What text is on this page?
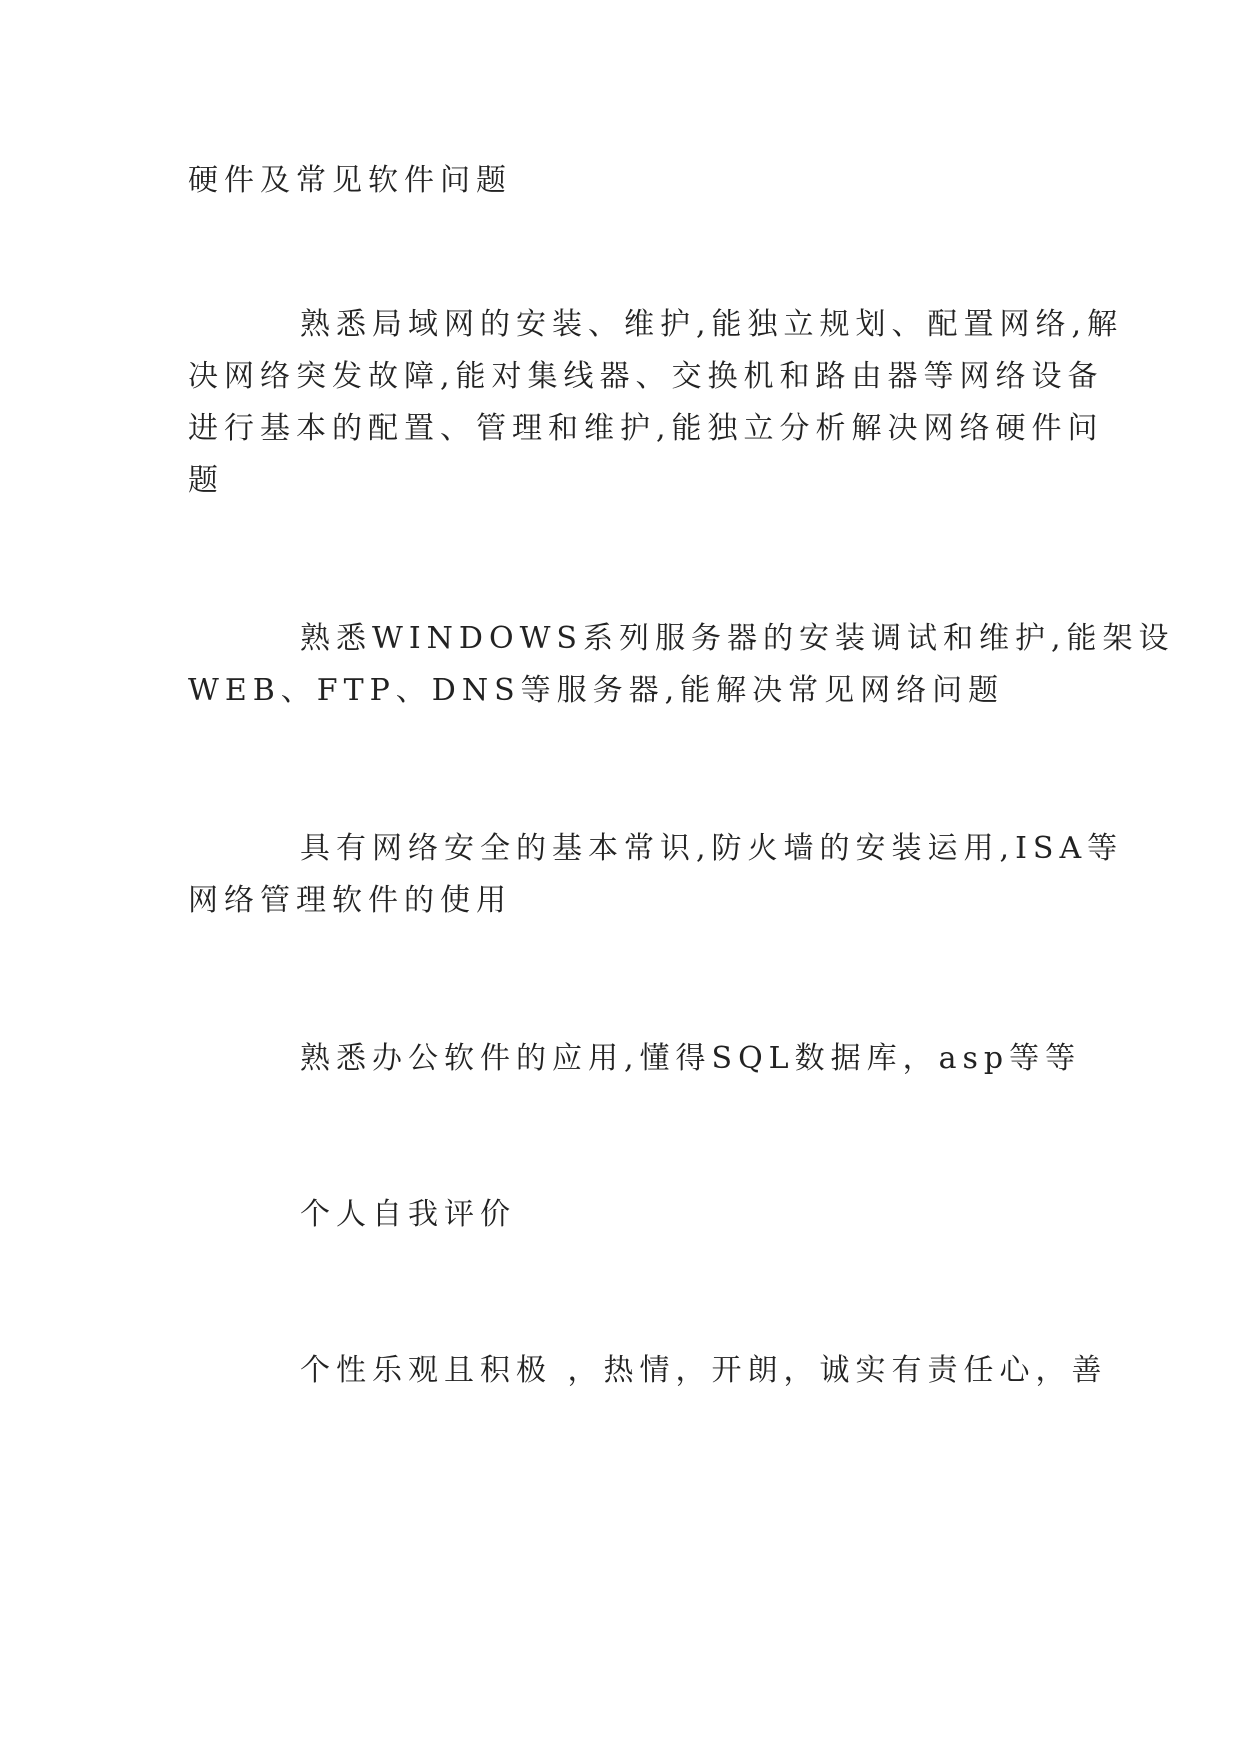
硬件及常见软件问题
熟悉局域网的安装、维护,能独立规划、配置网络,解
决网络突发故障,能对集线器、交换机和路由器等网络设备
进行基本的配置、管理和维护,能独立分析解决网络硬件问
题
熟悉WINDOWS系列服务器的安装调试和维护,能架设
WEB、FTP、DNS等服务器,能解决常见网络问题
具有网络安全的基本常识,防火墙的安装运用,ISA等
网络管理软件的使用
熟悉办公软件的应用,懂得SQL数据库，asp等等
个人自我评价
个性乐观且积极 ，热情，开朗，诚实有责任心，善
